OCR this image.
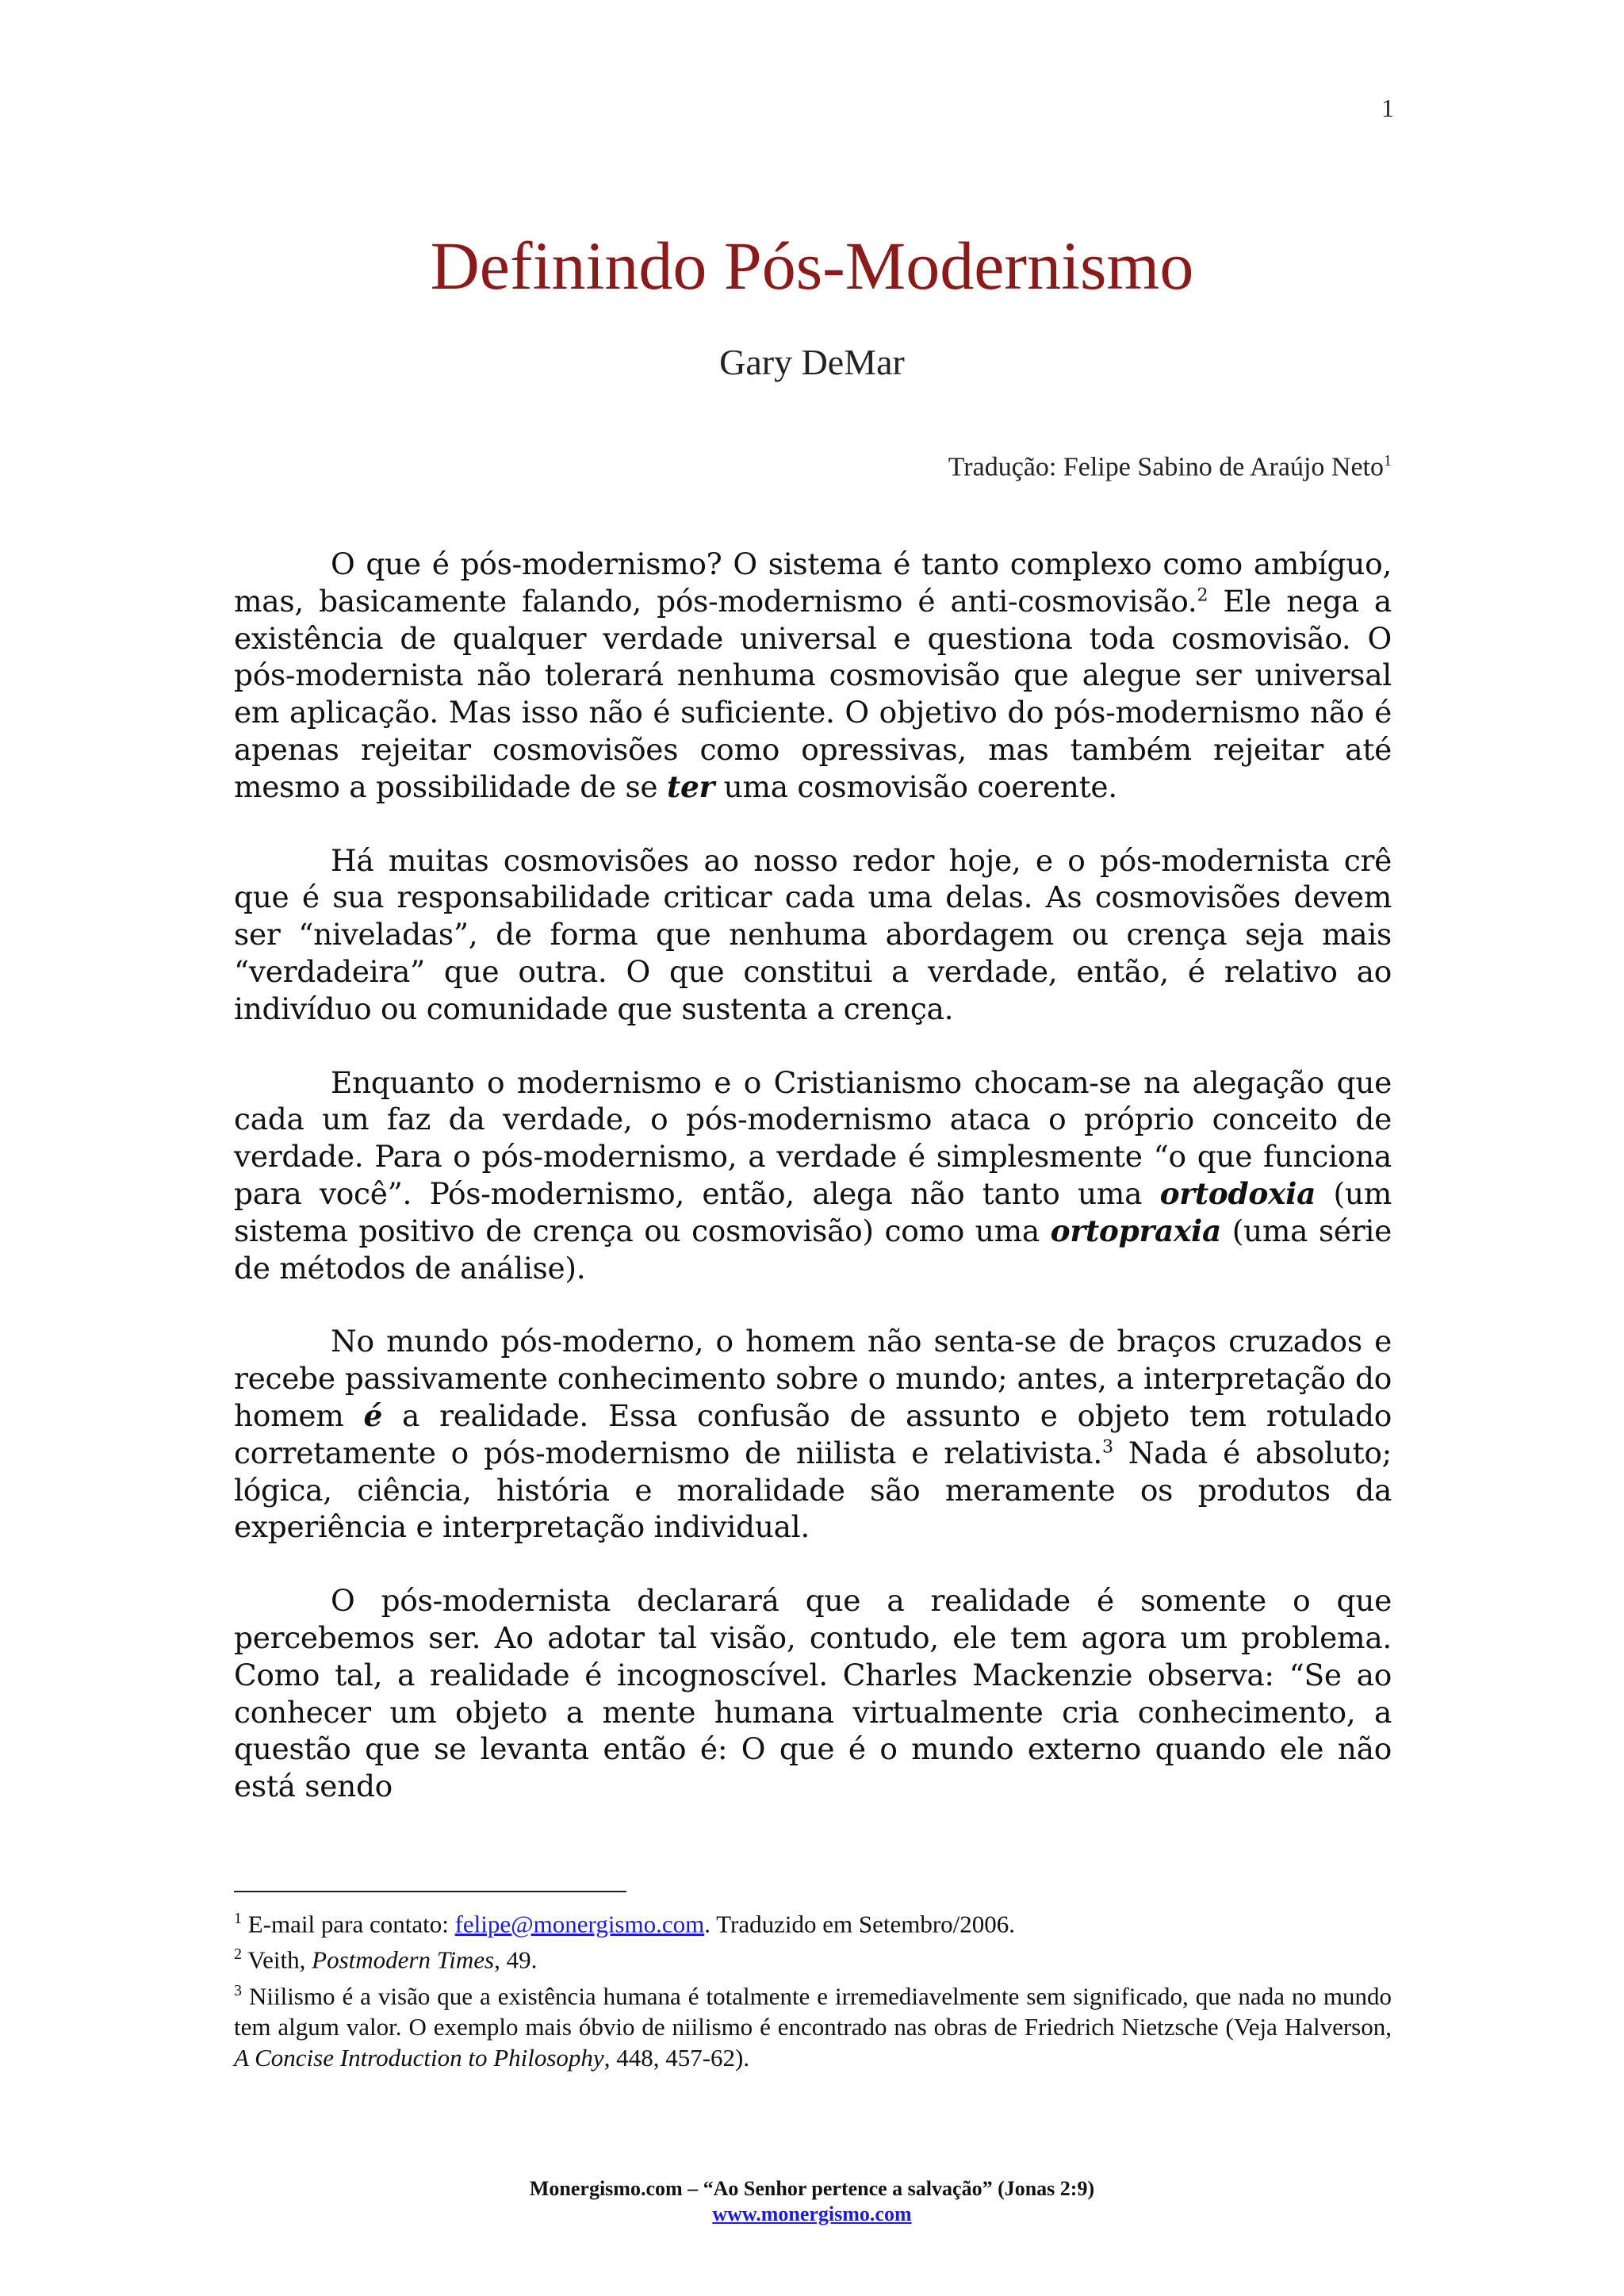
1
Definindo Pós-Modernismo
Gary DeMar
Tradução: Felipe Sabino de Araújo Neto$^1$

O que é pós-modernismo? O sistema é tanto complexo como ambíguo, mas, basicamente falando, pós-modernismo é anti-cosmovisão.$^2$ Ele nega a existência de qualquer verdade universal e questiona toda cosmovisão. O pós-modernista não tolerará nenhuma cosmovisão que alegue ser universal em aplicação. Mas isso não é suficiente. O objetivo do pós-modernismo não é apenas rejeitar cosmovisões como opressivas, mas também rejeitar até mesmo a possibilidade de se ter uma cosmovisão coerente.

Há muitas cosmovisões ao nosso redor hoje, e o pós-modernista crê que é sua responsabilidade criticar cada uma delas. As cosmovisões devem ser “niveladas”, de forma que nenhuma abordagem ou crença seja mais “verdadeira” que outra. O que constitui a verdade, então, é relativo ao indivíduo ou comunidade que sustenta a crença.

Enquanto o modernismo e o Cristianismo chocam-se na alegação que cada um faz da verdade, o pós-modernismo ataca o próprio conceito de verdade. Para o pós-modernismo, a verdade é simplesmente “o que funciona para você”. Pós-modernismo, então, alega não tanto uma ortodoxia (um sistema positivo de crença ou cosmovisão) como uma ortopraxia (uma série de métodos de análise).

No mundo pós-moderno, o homem não senta-se de braços cruzados e recebe passivamente conhecimento sobre o mundo; antes, a interpretação do homem é a realidade. Essa confusão de assunto e objeto tem rotulado corretamente o pós-modernismo de niilista e relativista.$^3$ Nada é absoluto; lógica, ciência, história e moralidade são meramente os produtos da experiência e interpretação individual.

O pós-modernista declarará que a realidade é somente o que percebemos ser. Ao adotar tal visão, contudo, ele tem agora um problema. Como tal, a realidade é incognoscível. Charles Mackenzie observa: “Se ao conhecer um objeto a mente humana virtualmente cria conhecimento, a questão que se levanta então é: O que é o mundo externo quando ele não está sendo

$^1$ E-mail para contato: felipe@monergismo.com. Traduzido em Setembro/2006.

$^2$ Veith, Postmodern Times, 49.

$^3$ Niilismo é a visão que a existência humana é totalmente e irremediavelmente sem significado, que nada no mundo tem algum valor. O exemplo mais óbvio de niilismo é encontrado nas obras de Friedrich Nietzsche (Veja Halverson, A Concise Introduction to Philosophy, 448, 457-62).

Monergismo.com – “Ao Senhor pertence a salvação” (Jonas 2:9)
www.monergismo.com
